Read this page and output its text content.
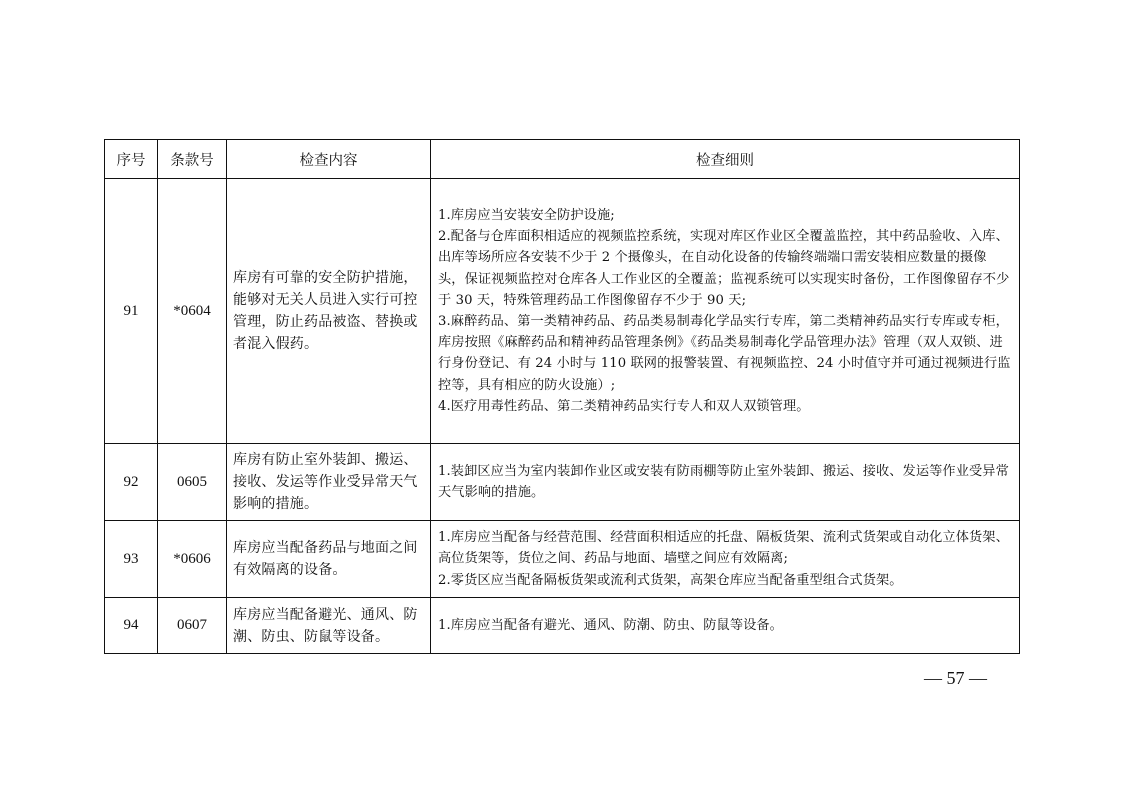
序号	条款号	检查内容	检查细则
91	*0604	库房有可靠的安全防护措施，能够对无关人员进入实行可控管理，防止药品被盗、替换或者混入假药。	1.库房应当安装安全防护设施;
2.配备与仓库面积相适应的视频监控系统，实现对库区作业区全覆盖监控，其中药品验收、入库、出库等场所应各安装不少于 2 个摄像头，在自动化设备的传输终端端口需安装相应数量的摄像头，保证视频监控对仓库各人工作业区的全覆盖；监视系统可以实现实时备份，工作图像留存不少于 30 天，特殊管理药品工作图像留存不少于 90 天;
3.麻醉药品、第一类精神药品、药品类易制毒化学品实行专库，第二类精神药品实行专库或专柜，库房按照《麻醉药品和精神药品管理条例》《药品类易制毒化学品管理办法》管理（双人双锁、进行身份登记、有 24 小时与 110 联网的报警装置、有视频监控、24 小时值守并可通过视频进行监控等，具有相应的防火设施）;
4.医疗用毒性药品、第二类精神药品实行专人和双人双锁管理。

92	0605	库房有防止室外装卸、搬运、接收、发运等作业受异常天气影响的措施。	1.装卸区应当为室内装卸作业区或安装有防雨棚等防止室外装卸、搬运、接收、发运等作业受异常天气影响的措施。

93	*0606	库房应当配备药品与地面之间有效隔离的设备。	1.库房应当配备与经营范围、经营面积相适应的托盘、隔板货架、流利式货架或自动化立体货架、高位货架等，货位之间、药品与地面、墙壁之间应有效隔离;
2.零货区应当配备隔板货架或流利式货架，高架仓库应当配备重型组合式货架。

94	0607	库房应当配备避光、通风、防潮、防虫、防鼠等设备。	1.库房应当配备有避光、通风、防潮、防虫、防鼠等设备。
— 57 —
